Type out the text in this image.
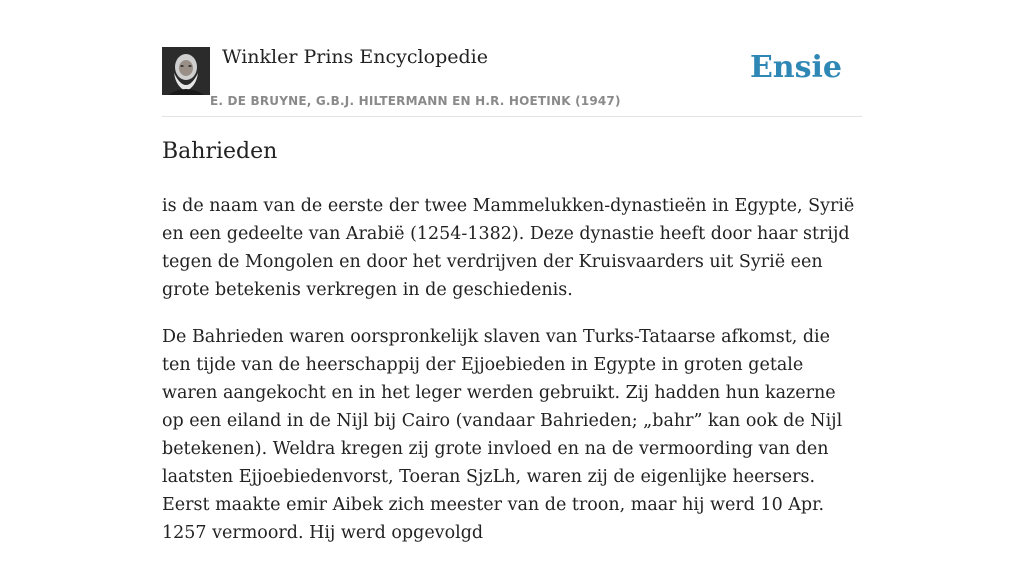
Winkler Prins Encyclopedie
E. DE BRUYNE, G.B.J. HILTERMANN EN H.R. HOETINK (1947)
Ensie
Bahrieden

is de naam van de eerste der twee Mammelukken-dynastieën in Egypte, Syrië en een gedeelte van Arabië (1254-1382). Deze dynastie heeft door haar strijd tegen de Mongolen en door het verdrijven der Kruisvaarders uit Syrië een grote betekenis verkregen in de geschiedenis.

De Bahrieden waren oorspronkelijk slaven van Turks-Tataarse afkomst, die ten tijde van de heerschappij der Ejjoebieden in Egypte in groten getale waren aangekocht en in het leger werden gebruikt. Zij hadden hun kazerne op een eiland in de Nijl bij Cairo (vandaar Bahrieden; „bahr” kan ook de Nijl betekenen). Weldra kregen zij grote invloed en na de vermoording van den laatsten Ejjoebiedenvorst, Toeran SjzLh, waren zij de eigenlijke heersers. Eerst maakte emir Aibek zich meester van de troon, maar hij werd 10 Apr. 1257 vermoord. Hij werd opgevolgd
